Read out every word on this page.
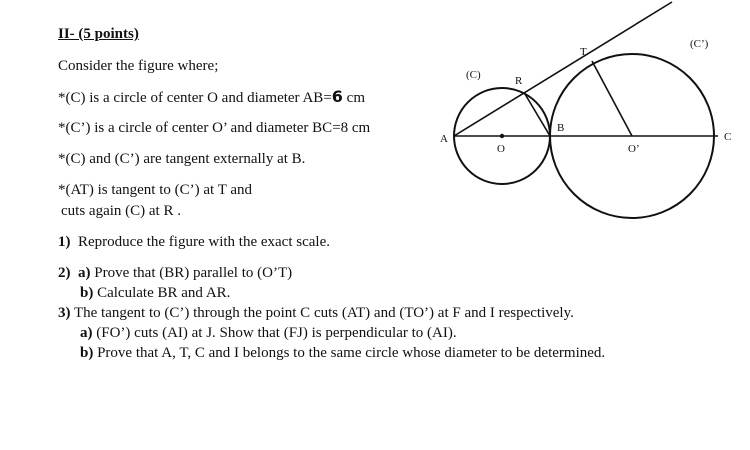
II- (5 points)
Consider the figure where;
*(C) is a circle of center O and diameter AB=6 cm
*(C’) is a circle of center O’ and diameter BC=8 cm
*(C) and (C’) are tangent externally at B.
*(AT) is tangent to (C’) at T and
cuts again (C) at R .
1) Reproduce the figure with the exact scale.
2) a) Prove that (BR) parallel to (O’T)
b) Calculate BR and AR.
3) The tangent to (C’) through the point C cuts (AT) and (TO’) at F and I respectively.
a) (FO’) cuts (AI) at J. Show that (FJ) is perpendicular to (AI).
b) Prove that A, T, C and I belongs to the same circle whose diameter to be determined.
(C)
(C’)
A
B
C
O	O’
R
T
